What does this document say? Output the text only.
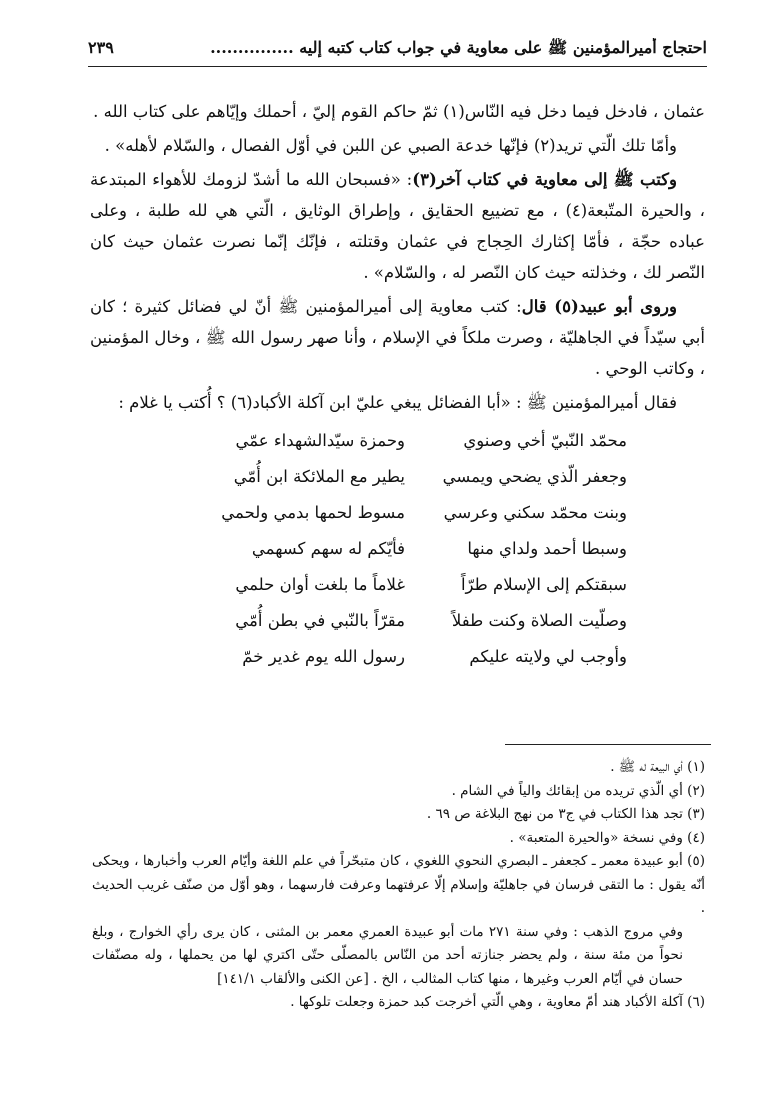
احتجاج أميرالمؤمنين ﷺ على معاوية في جواب كتاب كتبه إليه ...............
٢٣٩

عثمان ، فادخل فيما دخل فيه النّاس(١) ثمّ حاكم القوم إليّ ، أحملك وإيّاهم على كتاب الله .

وأمّا تلك الّتي تريد(٢) فإنّها خدعة الصبي عن اللبن في أوّل الفصال ، والسّلام لأهله» .

وكتب ﷺ إلى معاوية في كتاب آخر(٣): «فسبحان الله ما أشدّ لزومك للأهواء المبتدعة ، والحيرة المتّبعة(٤) ، مع تضييع الحقايق ، وإطراق الوثايق ، الّتي هي لله طلبة ، وعلى عباده حجّة ، فأمّا إكثارك الحِجاج في عثمان وقتلته ، فإنّك إنّما نصرت عثمان حيث كان النّصر لك ، وخذلته حيث كان النّصر له ، والسّلام» .

وروى أبو عبيد(٥) قال: كتب معاوية إلى أميرالمؤمنين ﷺ أنّ لي فضائل كثيرة ؛ كان أبي سيّداً في الجاهليّة ، وصرت ملكاً في الإسلام ، وأنا صهر رسول الله ﷺ ، وخال المؤمنين ، وكاتب الوحي .

فقال أميرالمؤمنين ﷺ : «أبا الفضائل يبغي عليّ ابن آكلة الأكباد(٦) ؟ أُكتب يا غلام :

محمّد النّبيّ أخي وصنوي
وحمزة سيّدالشهداء عمّي
وجعفر الّذي يضحي ويمسي
يطير مع الملائكة ابن أُمّي
وبنت محمّد سكني وعرسي
مسوط لحمها بدمي ولحمي
وسبطا أحمد ولداي منها
فأيّكم له سهم كسهمي
سبقتكم إلى الإسلام طرّاً
غلاماً ما بلغت أوان حلمي
وصلّيت الصلاة وكنت طفلاً
مقرّاً بالنّبي في بطن أُمّي
وأوجب لي ولايته عليكم
رسول الله يوم غدير خمّ

(١) أي البيعة له ﷺ .

(٢) أي الّذي تريده من إبقائك والياً في الشام .

(٣) تجد هذا الكتاب في ج٣ من نهج البلاغة ص ٦٩ .

(٤) وفي نسخة «والحيرة المتعبة» .

(٥) أبو عبيدة معمر ـ كجعفر ـ البصري النحوي اللغوي ، كان متبحّراً في علم اللغة وأيّام العرب وأخبارها ، ويحكى أنّه يقول : ما التقى فرسان في جاهليّة وإسلام إلّا عرفتهما وعرفت فارسهما ، وهو أوّل من صنّف غريب الحديث .

وفي مروج الذهب : وفي سنة ٢٧١ مات أبو عبيدة العمري معمر بن المثنى ، كان يرى رأي الخوارج ، وبلغ نحواً من مئة سنة ، ولم يحضر جنازته أحد من النّاس بالمصلّى حتّى اكتري لها من يحملها ، وله مصنّفات حسان في أيّام العرب وغيرها ، منها كتاب المثالب ، الخ . [عن الكنى والألقاب ١٤١/١]

(٦) آكلة الأكباد هند أمّ معاوية ، وهي الّتي أخرجت كبد حمزة وجعلت تلوكها .
